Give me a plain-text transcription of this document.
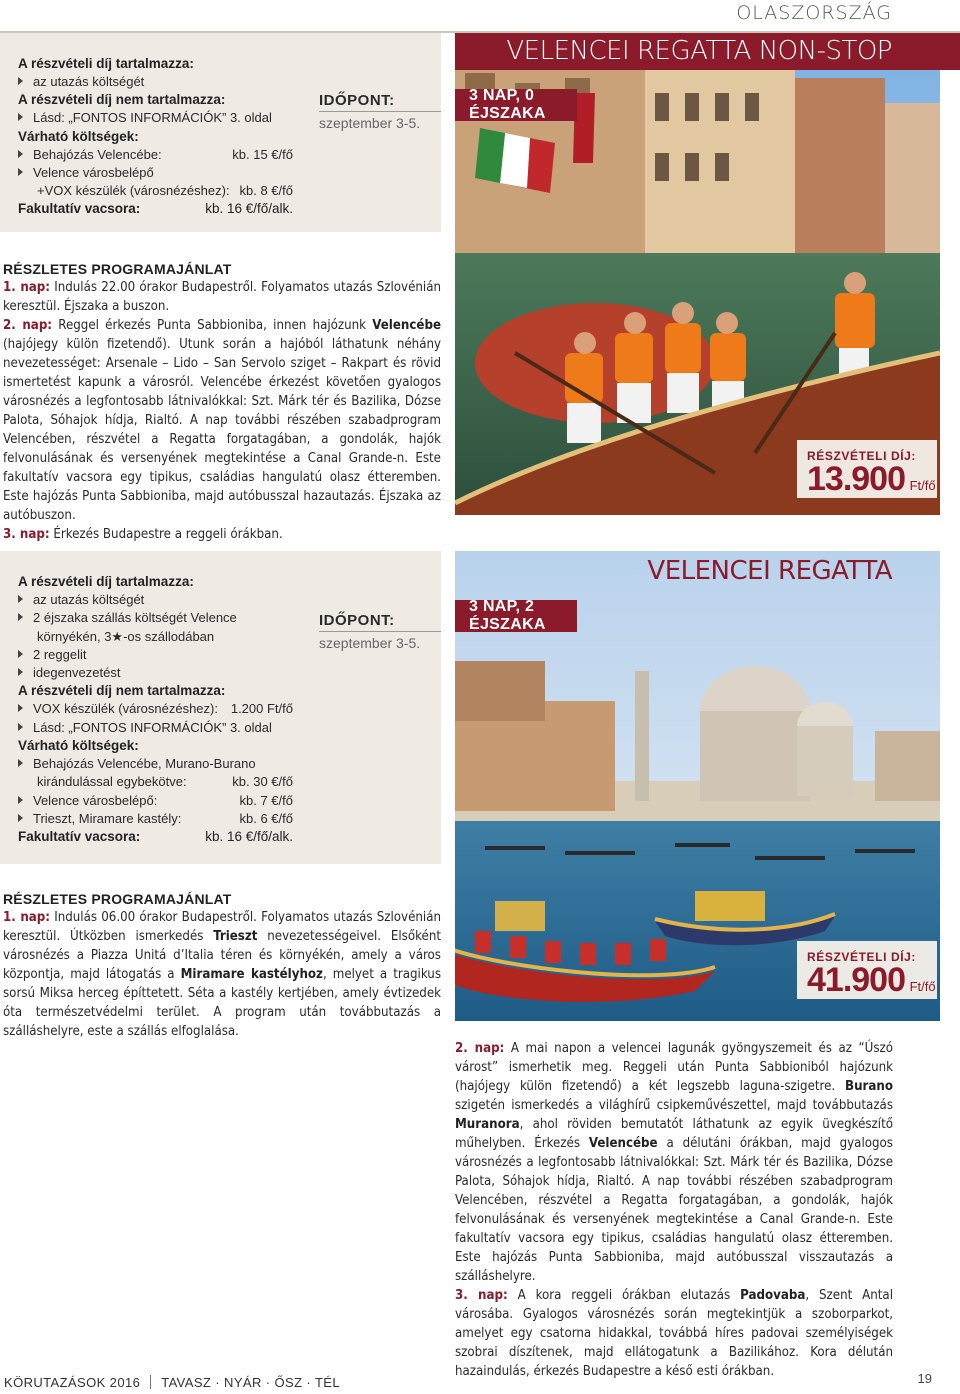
OLASZORSZÁG
A részvételi díj tartalmazza:
az utazás költségét
A részvételi díj nem tartalmazza:
Lásd: „FONTOS INFORMÁCIÓK” 3. oldal
Várható költségek:
Behajózás Velencébe:	kb. 15 €/fő
Velence városbelépő
+VOX készülék (városnézéshez): kb. 8 €/fő
Fakultatív vacsora:	kb. 16 €/fő/alk.
IDŐPONT:
szeptember 3-5.
VELENCEI REGATTA NON-STOP
3 NAP, 0 ÉJSZAKA
RÉSZVÉTELI DÍJ:
13.900 Ft/fő
RÉSZLETES PROGRAMAJÁNLAT

1. nap: Indulás 22.00 órakor Budapestről. Folyamatos utazás Szlovénián keresztül. Éjszaka a buszon.

2. nap: Reggel érkezés Punta Sabbioniba, innen hajózunk Velencébe (hajójegy külön fizetendő). Utunk során a hajóból láthatunk néhány nevezetességet: Arsenale – Lido – San Servolo sziget – Rakpart és rövid ismertetést kapunk a városról. Velencébe érkezést követően gyalogos városnézés a legfontosabb látnivalókkal: Szt. Márk tér és Bazilika, Dózse Palota, Sóhajok hídja, Rialtó. A nap további részében szabadprogram Velencében, részvétel a Regatta forgatagában, a gondolák, hajók felvonulásának és versenyének megtekintése a Canal Grande-n. Este fakultatív vacsora egy tipikus, családias hangulatú olasz étteremben. Este hajózás Punta Sabbioniba, majd autóbusszal hazautazás. Éjszaka az autóbuszon.

3. nap: Érkezés Budapestre a reggeli órákban.

A részvételi díj tartalmazza:
az utazás költségét
2 éjszaka szállás költségét Velence
környékén, 3★-os szállodában
2 reggelit
idegenvezetést
A részvételi díj nem tartalmazza:
VOX készülék (városnézéshez): 1.200 Ft/fő
Lásd: „FONTOS INFORMÁCIÓK” 3. oldal
Várható költségek:
Behajózás Velencébe, Murano-Burano
kirándulással egybekötve:	kb. 30 €/fő
Velence városbelépő:	kb. 7 €/fő
Trieszt, Miramare kastély:	kb. 6 €/fő
Fakultatív vacsora:	kb. 16 €/fő/alk.
IDŐPONT:
szeptember 3-5.
VELENCEI REGATTA
3 NAP, 2 ÉJSZAKA
RÉSZVÉTELI DÍJ:
41.900 Ft/fő
RÉSZLETES PROGRAMAJÁNLAT

1. nap: Indulás 06.00 órakor Budapestről. Folyamatos utazás Szlovénián keresztül. Útközben ismerkedés Trieszt nevezetességeivel. Elsőként városnézés a Piazza Unitá d’Italia téren és környékén, amely a város központja, majd látogatás a Miramare kastélyhoz, melyet a tragikus sorsú Miksa herceg építtetett. Séta a kastély kertjében, amely évtizedek óta természetvédelmi terület. A program után továbbutazás a szálláshelyre, este a szállás elfoglalása.

2. nap: A mai napon a velencei lagunák gyöngyszemeit és az “Úszó várost” ismerhetik meg. Reggeli után Punta Sabbioniból hajózunk (hajójegy külön fizetendő) a két legszebb laguna-szigetre. Burano szigetén ismerkedés a világhírű csipkeművészettel, majd továbbutazás Muranora, ahol röviden bemutatót láthatunk az egyik üvegkészítő műhelyben. Érkezés Velencébe a délutáni órákban, majd gyalogos városnézés a legfontosabb látnivalókkal: Szt. Márk tér és Bazilika, Dózse Palota, Sóhajok hídja, Rialtó. A nap további részében szabadprogram Velencében, részvétel a Regatta forgatagában, a gondolák, hajók felvonulásának és versenyének megtekintése a Canal Grande-n. Este fakultatív vacsora egy tipikus, családias hangulatú olasz étteremben. Este hajózás Punta Sabbioniba, majd autóbusszal visszautazás a szálláshelyre.

3. nap: A kora reggeli órákban elutazás Padovaba, Szent Antal városába. Gyalogos városnézés során megtekintjük a szoborparkot, amelyet egy csatorna hidakkal, továbbá híres padovai személyiségek szobrai díszítenek, majd ellátogatunk a Bazilikához. Kora délután hazaindulás, érkezés Budapestre a késő esti órákban.

KÖRUTAZÁSOK 2016 TAVASZ · NYÁR · ŐSZ · TÉL	19
